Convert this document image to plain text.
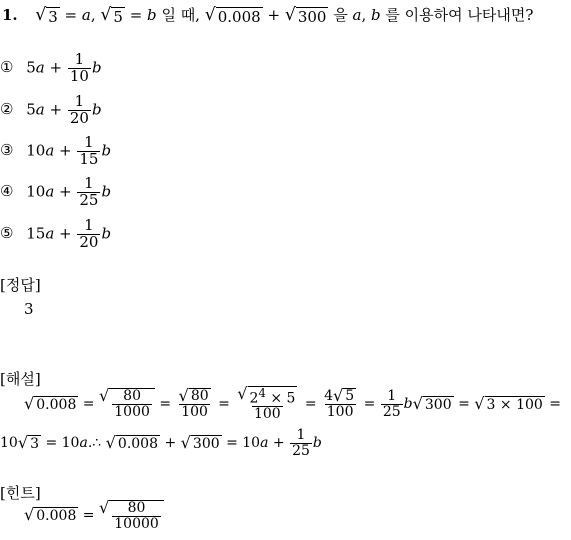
1. √ 3 = a, √ 5 = b 일 때, √ 0.008 + √ 300 을 a, b 를 이용하여 나타내면?
① $5a + \frac{1}{10}$ b
② $5a + \frac{1}{20}$ b
③ $10a + \frac{1}{15}$ b
④ $10a + \frac{1}{25}$ b
⑤ $15a + \frac{1}{20}$ b
[정답]
3
[해설]
√ 0.008 = √ $\frac{80}{1000} = \frac{√ 80}{100} = \frac{√ 2^4 \times 5}{100} = \frac{4 √ 5}{100} = \frac{1}{25}$ b √ 300 = √ 3 × 100 =
10 √ 3 = 10a.∴ √ 0.008 + √ $300 = 10a + \frac{1}{25}$ b
[힌트]
√ 0.008 = √ $\frac{80}{10000}$
